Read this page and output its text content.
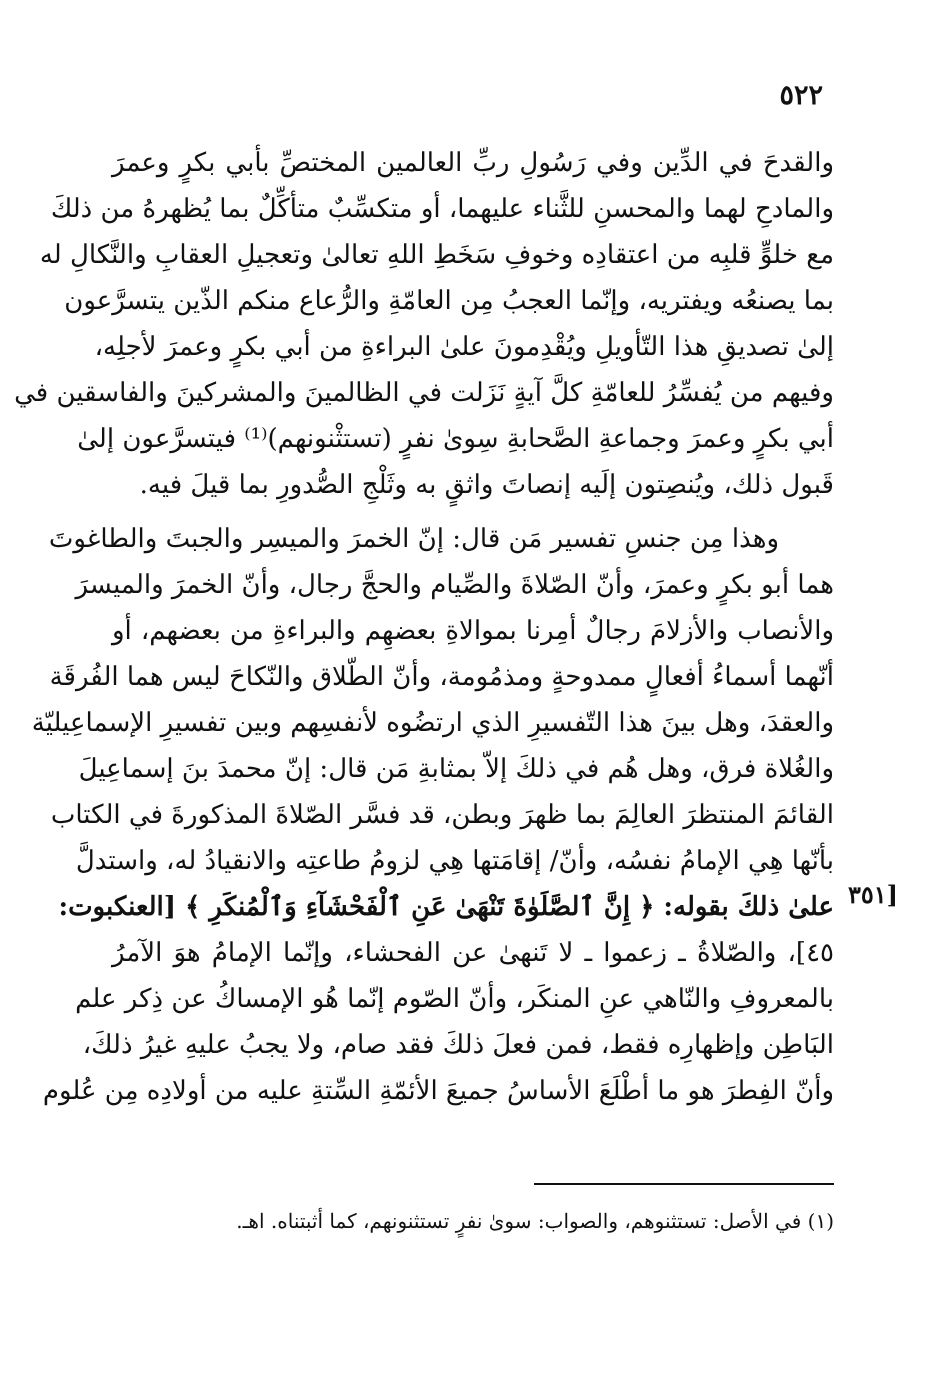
٥٢٢
[٣٥١
والقدحَ في الدِّين وفي رَسُولِ ربِّ العالمين المختصِّ بأبي بكرٍ وعمرَ
والمادحِ لهما والمحسنِ للثَّناء عليهما، أو متكسِّبٌ متأكِّلٌ بما يُظهرهُ من ذلكَ
مع خلوٍّ قلبِه من اعتقادِه وخوفِ سَخَطِ اللهِ تعالىٰ وتعجيلِ العقابِ والنَّكالِ له
بما يصنعُه ويفتريه، وإنّما العجبُ مِن العامّةِ والرُّعاع منكم الذّين يتسرَّعون
إلىٰ تصديقِ هذا التّأويلِ ويُقْدِمونَ علىٰ البراءةِ من أبي بكرٍ وعمرَ لأجلِه،
وفيهم من يُفسِّرُ للعامّةِ كلَّ آيةٍ نَزَلت في الظالمينَ والمشركينَ والفاسقين في
أبي بكرٍ وعمرَ وجماعةِ الصَّحابةِ سِوىٰ نفرٍ (تستثْنونهم)⁽¹⁾ فيتسرَّعون إلىٰ
قَبول ذلك، ويُنصِتون إلَيه إنصاتَ واثقٍ به وثَلْجِ الصُّدورِ بما قيلَ فيه.
وهذا مِن جنسِ تفسير مَن قال: إنّ الخمرَ والميسِر والجبتَ والطاغوتَ
هما أبو بكرٍ وعمرَ، وأنّ الصّلاةَ والصِّيام والحجَّ رجال، وأنّ الخمرَ والميسرَ
والأنصاب والأزلامَ رجالٌ أمِرنا بموالاةِ بعضهِم والبراءةِ من بعضهم، أو
أنّهما أسماءُ أفعالٍ ممدوحةٍ ومذمُومة، وأنّ الطّلاق والنّكاحَ ليس هما الفُرقَة
والعقدَ، وهل بينَ هذا التّفسيرِ الذي ارتضُوه لأنفسِهم وبين تفسيرِ الإسماعِيليّة
والغُلاة فرق، وهل هُم في ذلكَ إلاّ بمثابةِ مَن قال: إنّ محمدَ بنَ إسماعِيلَ
القائمَ المنتظرَ العالِمَ بما ظهرَ وبطن، قد فسَّر الصّلاةَ المذكورةَ في الكتاب
بأنّها هِي الإمامُ نفسُه، وأنّ/ إقامَتها هِي لزومُ طاعتِه والانقيادُ له، واستدلَّ
علىٰ ذلكَ بقوله: ﴿ إِنَّ ٱلصَّلَوٰةَ تَنْهَىٰ عَنِ ٱلْفَحْشَآءِ وَٱلْمُنكَرِ ﴾ [العنكبوت:
٤٥]، والصّلاةُ ـ زعموا ـ لا تَنهىٰ عن الفحشاء، وإنّما الإمامُ هوَ الآمرُ
بالمعروفِ والنّاهي عنِ المنكَر، وأنّ الصّوم إنّما هُو الإمساكُ عن ذِكر علم
البَاطِن وإظهارِه فقط، فمن فعلَ ذلكَ فقد صام، ولا يجبُ عليهِ غيرُ ذلكَ،
وأنّ الفِطرَ هو ما أطْلَعَ الأساسُ جميعَ الأئمّةِ السِّتةِ عليه من أولادِه مِن عُلوم
(١) في الأصل: تستثنوهم، والصواب: سوىٰ نفرٍ تستثنونهم، كما أثبتناه. اهـ.
